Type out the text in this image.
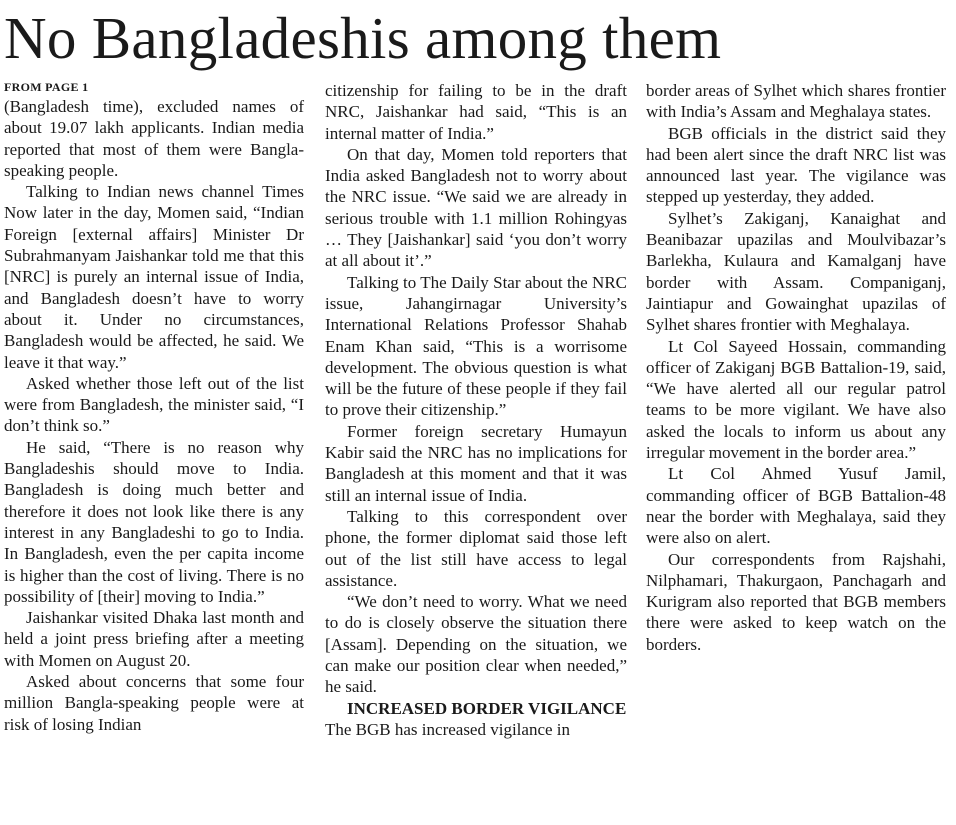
No Bangladeshis among them
FROM PAGE 1

(Bangladesh time), excluded names of about 19.07 lakh applicants. Indian media reported that most of them were Bangla-speaking people.

Talking to Indian news channel Times Now later in the day, Momen said, “Indian Foreign [external affairs] Minister Dr Subrahmanyam Jaishankar told me that this [NRC] is purely an internal issue of India, and Bangladesh doesn’t have to worry about it. Under no circumstances, Bangladesh would be affected, he said. We leave it that way.”

Asked whether those left out of the list were from Bangladesh, the minister said, “I don’t think so.”

He said, “There is no reason why Bangladeshis should move to India. Bangladesh is doing much better and therefore it does not look like there is any interest in any Bangladeshi to go to India. In Bangladesh, even the per capita income is higher than the cost of living. There is no possibility of [their] moving to India.”

Jaishankar visited Dhaka last month and held a joint press briefing after a meeting with Momen on August 20.

Asked about concerns that some four million Bangla-speaking people were at risk of losing Indian

citizenship for failing to be in the draft NRC, Jaishankar had said, “This is an internal matter of India.”

On that day, Momen told reporters that India asked Bangladesh not to worry about the NRC issue. “We said we are already in serious trouble with 1.1 million Rohingyas … They [Jaishankar] said ‘you don’t worry at all about it’.”

Talking to The Daily Star about the NRC issue, Jahangirnagar University’s International Relations Professor Shahab Enam Khan said, “This is a worrisome development. The obvious question is what will be the future of these people if they fail to prove their citizenship.”

Former foreign secretary Humayun Kabir said the NRC has no implications for Bangladesh at this moment and that it was still an internal issue of India.

Talking to this correspondent over phone, the former diplomat said those left out of the list still have access to legal assistance.

“We don’t need to worry. What we need to do is closely observe the situation there [Assam]. Depending on the situation, we can make our position clear when needed,” he said.

INCREASED BORDER VIGILANCE

The BGB has increased vigilance in

border areas of Sylhet which shares frontier with India’s Assam and Meghalaya states.

BGB officials in the district said they had been alert since the draft NRC list was announced last year. The vigilance was stepped up yesterday, they added.

Sylhet’s Zakiganj, Kanaighat and Beanibazar upazilas and Moulvibazar’s Barlekha, Kulaura and Kamalganj have border with Assam. Companiganj, Jaintiapur and Gowainghat upazilas of Sylhet shares frontier with Meghalaya.

Lt Col Sayeed Hossain, commanding officer of Zakiganj BGB Battalion-19, said, “We have alerted all our regular patrol teams to be more vigilant. We have also asked the locals to inform us about any irregular movement in the border area.”

Lt Col Ahmed Yusuf Jamil, commanding officer of BGB Battalion-48 near the border with Meghalaya, said they were also on alert.

Our correspondents from Rajshahi, Nilphamari, Thakurgaon, Panchagarh and Kurigram also reported that BGB members there were asked to keep watch on the borders.
